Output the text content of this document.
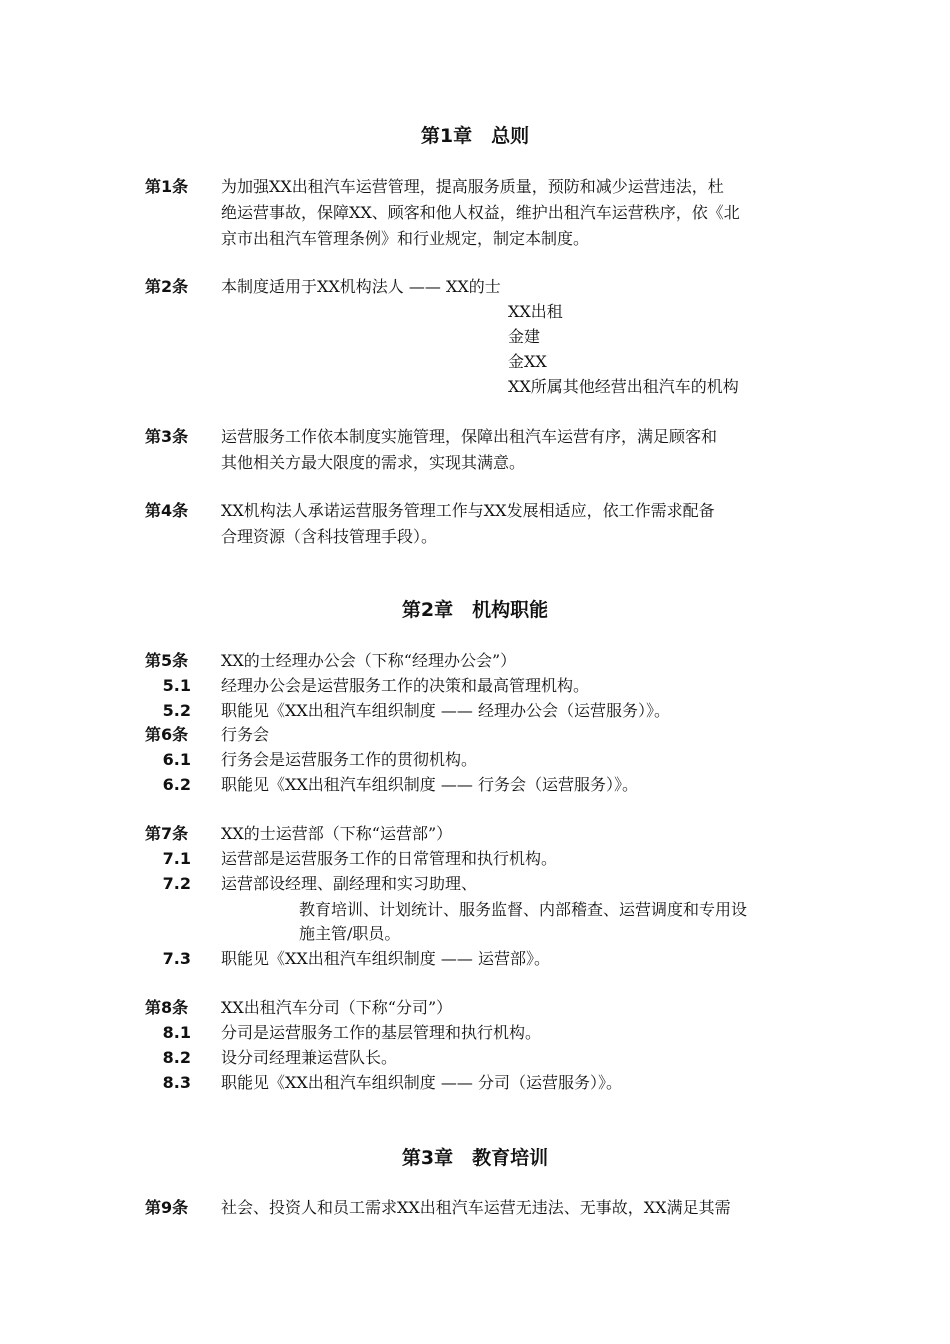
第1章　总则
第1条 为加强XX出租汽车运营管理，提高服务质量，预防和减少运营违法，杜
绝运营事故，保障XX、顾客和他人权益，维护出租汽车运营秩序，依《北
京市出租汽车管理条例》和行业规定，制定本制度。
第2条 本制度适用于XX机构法人 —— XX的士
XX出租
金建
金XX
XX所属其他经营出租汽车的机构
第3条 运营服务工作依本制度实施管理，保障出租汽车运营有序，满足顾客和
其他相关方最大限度的需求，实现其满意。
第4条 XX机构法人承诺运营服务管理工作与XX发展相适应，依工作需求配备
合理资源（含科技管理手段）。
第2章　机构职能
第5条 XX的士经理办公会（下称“经理办公会”）
5.1 经理办公会是运营服务工作的决策和最高管理机构。
5.2 职能见《XX出租汽车组织制度 —— 经理办公会（运营服务）》。
第6条 行务会
6.1 行务会是运营服务工作的贯彻机构。
6.2 职能见《XX出租汽车组织制度 —— 行务会（运营服务）》。
第7条 XX的士运营部（下称“运营部”）
7.1 运营部是运营服务工作的日常管理和执行机构。
7.2 运营部设经理、副经理和实习助理、
教育培训、计划统计、服务监督、内部稽查、运营调度和专用设
施主管/职员。
7.3 职能见《XX出租汽车组织制度 —— 运营部》。
第8条 XX出租汽车分司（下称“分司”）
8.1 分司是运营服务工作的基层管理和执行机构。
8.2 设分司经理兼运营队长。
8.3 职能见《XX出租汽车组织制度 —— 分司（运营服务）》。
第3章　教育培训
第9条 社会、投资人和员工需求XX出租汽车运营无违法、无事故，XX满足其需
